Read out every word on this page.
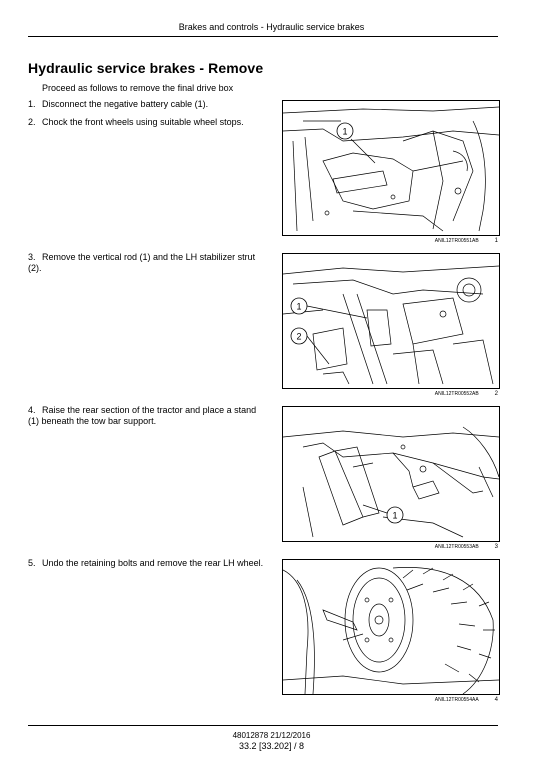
Brakes and controls - Hydraulic service brakes
Hydraulic service brakes - Remove
Proceed as follows to remove the final drive box
1. Disconnect the negative battery cable (1).
2. Chock the front wheels using suitable wheel stops.
1
ANIL12TR00551AB	1
3. Remove the vertical rod (1) and the LH stabilizer strut (2).
1
2
ANIL12TR00552AB	2
4. Raise the rear section of the tractor and place a stand (1) beneath the tow bar support.
1
ANIL12TR00553AB	3
5. Undo the retaining bolts and remove the rear LH wheel.
ANIL12TR00554AA	4
48012878 21/12/2016
33.2 [33.202] / 8
